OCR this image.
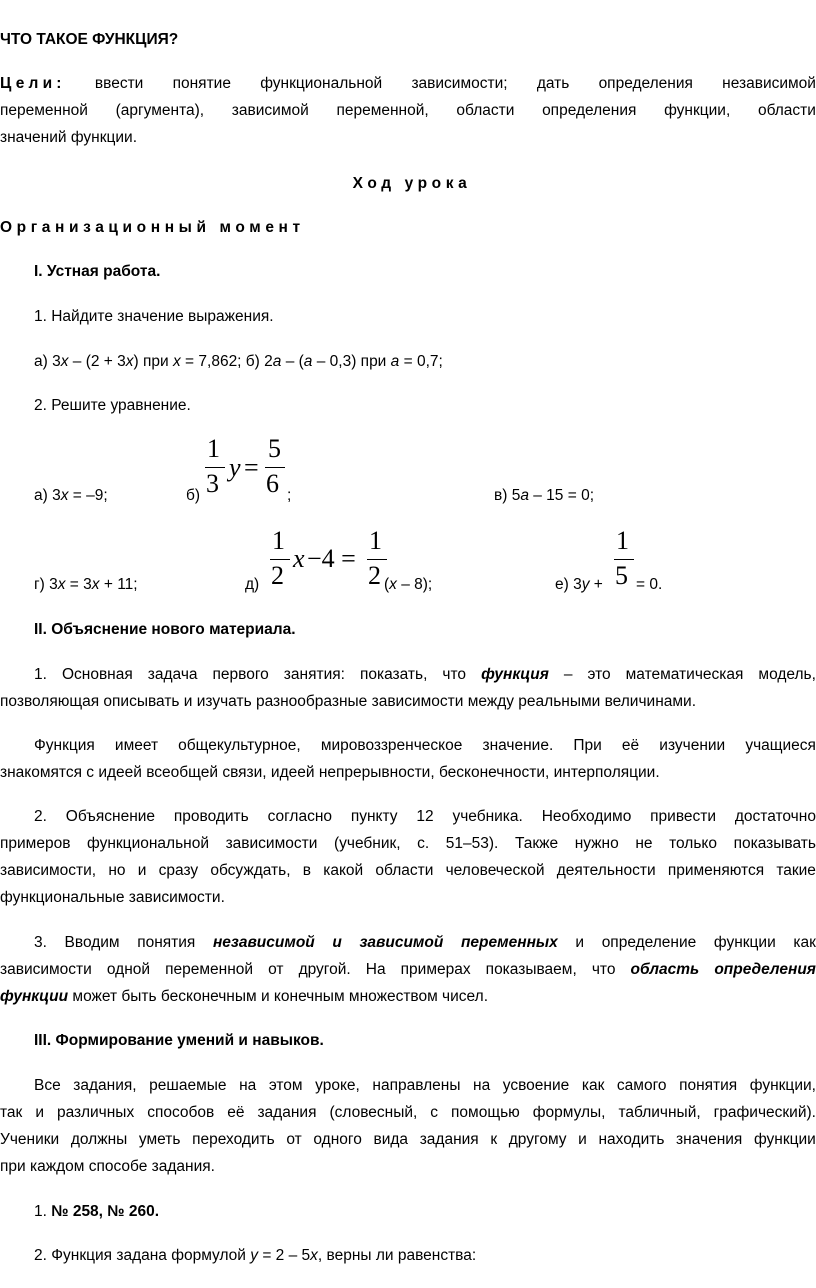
ЧТО ТАКОЕ ФУНКЦИЯ?
Цели: ввести понятие функциональной зависимости; дать определения независимой
переменной (аргумента), зависимой переменной, области определения функции, области
значений функции.
Ход урока
Организационный момент
I. Устная работа.
1. Найдите значение выражения.
а) 3x – (2 + 3x) при x = 7,862; б) 2a – (a – 0,3) при a = 0,7;
2. Решите уравнение.
а) 3x = –9;	б)
1
3
y =
5
6 ;	в) 5a – 15 = 0;
г) 3x = 3x + 11;	д)
1
2
x −4 =
1
2 (x – 8);	е) 3y +
1
5 = 0.
II. Объяснение нового материала.
1. Основная задача первого занятия: показать, что функция – это математическая модель,
позволяющая описывать и изучать разнообразные зависимости между реальными величинами.
Функция имеет общекультурное, мировоззренческое значение. При её изучении учащиеся
знакомятся с идеей всеобщей связи, идеей непрерывности, бесконечности, интерполяции.
2. Объяснение проводить согласно пункту 12 учебника. Необходимо привести достаточно
примеров функциональной зависимости (учебник, с. 51–53). Также нужно не только показывать
зависимости, но и сразу обсуждать, в какой области человеческой деятельности применяются такие
функциональные зависимости.
3. Вводим понятия независимой и зависимой переменных и определение функции как
зависимости одной переменной от другой. На примерах показываем, что область определения
функции может быть бесконечным и конечным множеством чисел.
III. Формирование умений и навыков.
Все задания, решаемые на этом уроке, направлены на усвоение как самого понятия функции,
так и различных способов её задания (словесный, с помощью формулы, табличный, графический).
Ученики должны уметь переходить от одного вида задания к другому и находить значения функции
при каждом способе задания.
1. № 258, № 260.
2. Функция задана формулой y = 2 – 5x, верны ли равенства:
